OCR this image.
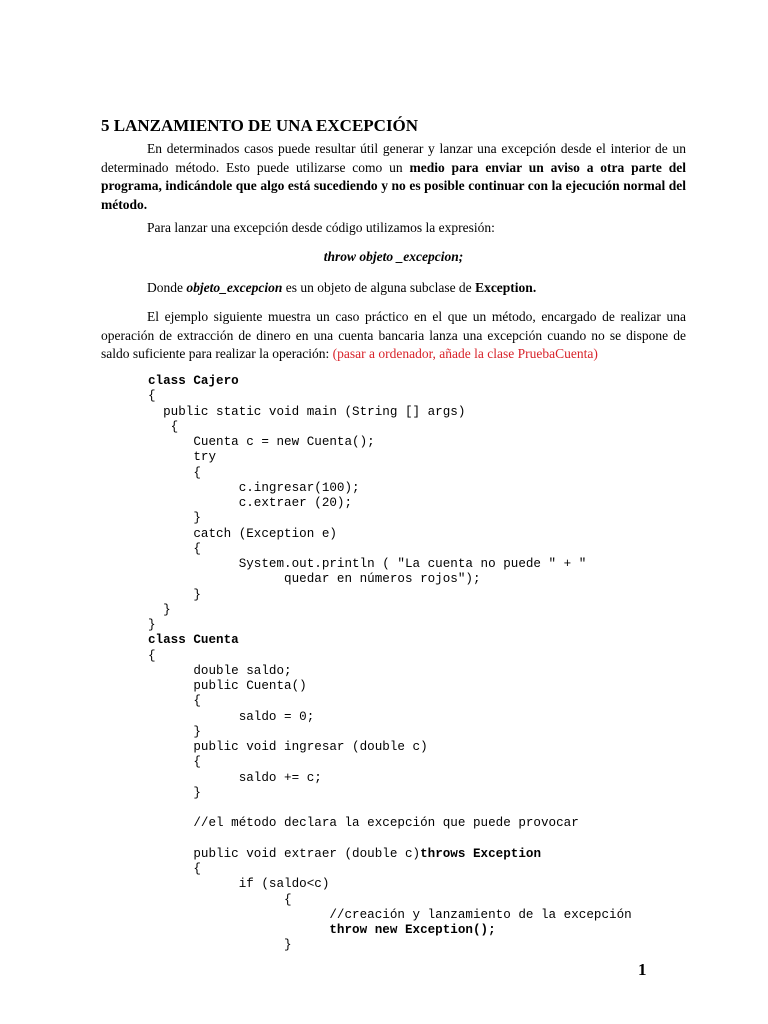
5 LANZAMIENTO DE UNA EXCEPCIÓN

En determinados casos puede resultar útil generar y lanzar una excepción desde el interior de un determinado método. Esto puede utilizarse como un medio para enviar un aviso a otra parte del programa, indicándole que algo está sucediendo y no es posible continuar con la ejecución normal del método.

Para lanzar una excepción desde código utilizamos la expresión:

throw objeto _excepcion;

Donde objeto_excepcion es un objeto de alguna subclase de Exception.

El ejemplo siguiente muestra un caso práctico en el que un método, encargado de realizar una operación de extracción de dinero en una cuenta bancaria lanza una excepción cuando no se dispone de saldo suficiente para realizar la operación: (pasar a ordenador, añade la clase PruebaCuenta)

class Cajero
{
public static void main (String [] args)
{
Cuenta c = new Cuenta();
try
{
c.ingresar(100);
c.extraer (20);
}
catch (Exception e)
{
System.out.println ( "La cuenta no puede " + "
quedar en números rojos");
}
}
}
class Cuenta
{
double saldo;
public Cuenta()
{
saldo = 0;
}
public void ingresar (double c)
{
saldo += c;
}
//el método declara la excepción que puede provocar
public void extraer (double c)throws Exception
{
if (saldo<c)
{
//creación y lanzamiento de la excepción
throw new Exception();
}
1
